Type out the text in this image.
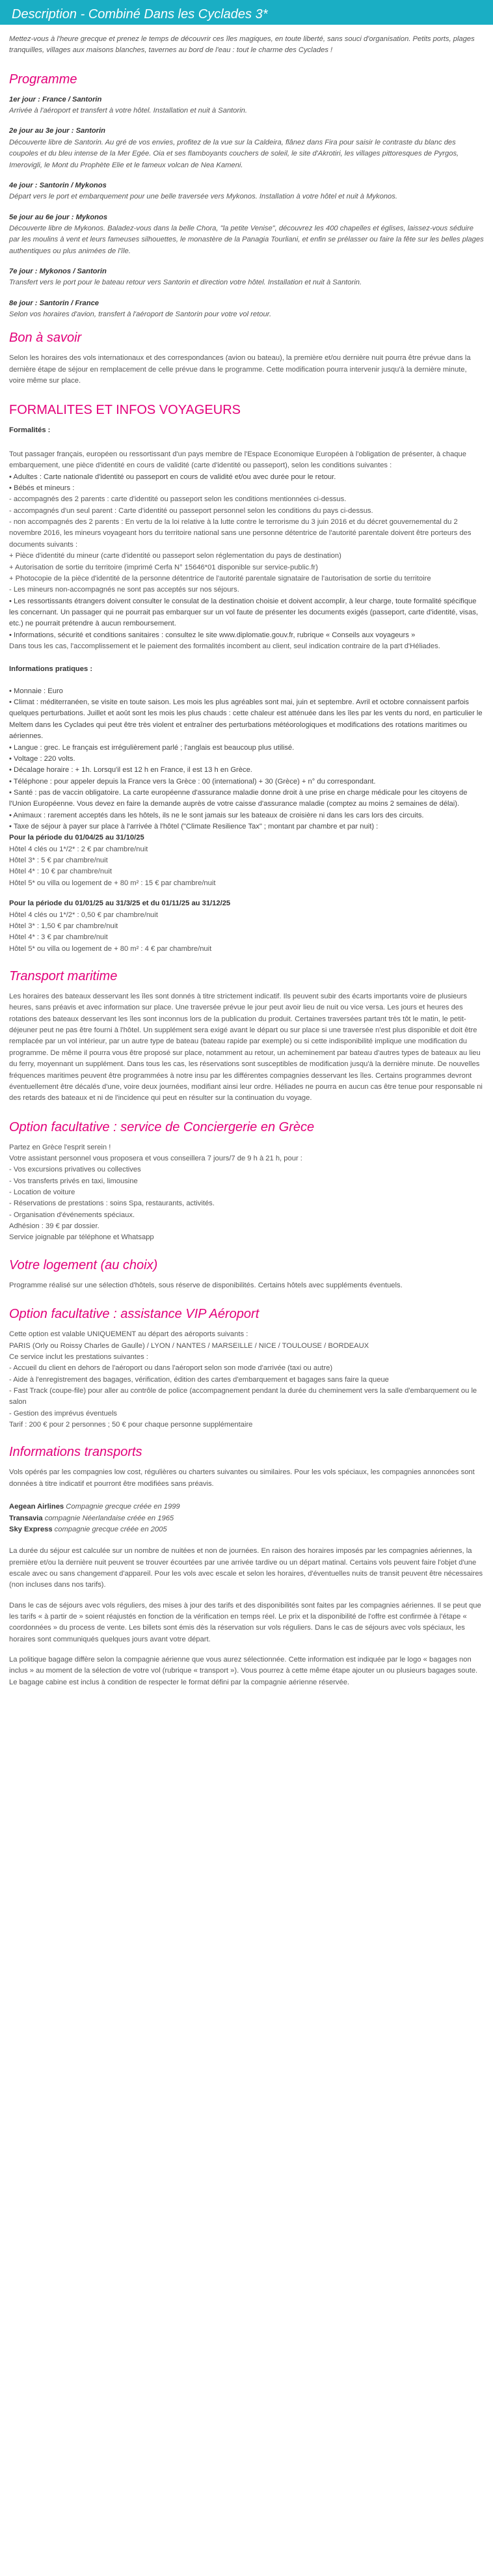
Description - Combiné Dans les Cyclades 3*

Mettez-vous à l'heure grecque et prenez le temps de découvrir ces îles magiques, en toute liberté, sans souci d'organisation. Petits ports, plages tranquilles, villages aux maisons blanches, tavernes au bord de l'eau : tout le charme des Cyclades !

Programme
1er jour : France / Santorin
Arrivée à l'aéroport et transfert à votre hôtel. Installation et nuit à Santorin.
2e jour au 3e jour : Santorin
Découverte libre de Santorin. Au gré de vos envies, profitez de la vue sur la Caldeira, flânez dans Fira pour saisir le contraste du blanc des coupoles et du bleu intense de la Mer Egée. Oia et ses flamboyants couchers de soleil, le site d'Akrotiri, les villages pittoresques de Pyrgos, Imerovigli, le Mont du Prophète Elie et le fameux volcan de Nea Kameni.
4e jour : Santorin / Mykonos
Départ vers le port et embarquement pour une belle traversée vers Mykonos. Installation à votre hôtel et nuit à Mykonos.
5e jour au 6e jour : Mykonos
Découverte libre de Mykonos. Baladez-vous dans la belle Chora, "la petite Venise", découvrez les 400 chapelles et églises, laissez-vous séduire par les moulins à vent et leurs fameuses silhouettes, le monastère de la Panagia Tourliani, et enfin se prélasser ou faire la fête sur les belles plages authentiques ou plus animées de l'île.
7e jour : Mykonos / Santorin
Transfert vers le port pour le bateau retour vers Santorin et direction votre hôtel. Installation et nuit à Santorin.
8e jour : Santorin / France
Selon vos horaires d'avion, transfert à l'aéroport de Santorin pour votre vol retour.
Bon à savoir

Selon les horaires des vols internationaux et des correspondances (avion ou bateau), la première et/ou dernière nuit pourra être prévue dans la dernière étape de séjour en remplacement de celle prévue dans le programme. Cette modification pourra intervenir jusqu'à la dernière minute, voire même sur place.

FORMALITES ET INFOS VOYAGEURS

Formalités :

Tout passager français, européen ou ressortissant d'un pays membre de l'Espace Economique Européen à l'obligation de présenter, à chaque embarquement, une pièce d'identité en cours de validité (carte d'identité ou passeport), selon les conditions suivantes :
• Adultes : Carte nationale d'identité ou passeport en cours de validité et/ou avec durée pour le retour.
• Bébés et mineurs :
- accompagnés des 2 parents : carte d'identité ou passeport selon les conditions mentionnées ci-dessus.
- accompagnés d'un seul parent : Carte d'identité ou passeport personnel selon les conditions du pays ci-dessus.
- non accompagnés des 2 parents : En vertu de la loi relative à la lutte contre le terrorisme du 3 juin 2016 et du décret gouvernemental du 2 novembre 2016, les mineurs voyageant hors du territoire national sans une personne détentrice de l'autorité parentale doivent être porteurs des documents suivants :
+ Pièce d'identité du mineur (carte d'identité ou passeport selon réglementation du pays de destination)
+ Autorisation de sortie du territoire (imprimé Cerfa N° 15646*01 disponible sur service-public.fr)
+ Photocopie de la pièce d'identité de la personne détentrice de l'autorité parentale signataire de l'autorisation de sortie du territoire
- Les mineurs non-accompagnés ne sont pas acceptés sur nos séjours.
• Les ressortissants étrangers doivent consulter le consulat de la destination choisie et doivent accomplir, à leur charge, toute formalité spécifique les concernant. Un passager qui ne pourrait pas embarquer sur un vol faute de présenter les documents exigés (passeport, carte d'identité, visas, etc.) ne pourrait prétendre à aucun remboursement.
• Informations, sécurité et conditions sanitaires : consultez le site www.diplomatie.gouv.fr, rubrique « Conseils aux voyageurs »
Dans tous les cas, l'accomplissement et le paiement des formalités incombent au client, seul indication contraire de la part d'Héliades.

Informations pratiques :

• Monnaie : Euro
• Climat : méditerranéen, se visite en toute saison. Les mois les plus agréables sont mai, juin et septembre. Avril et octobre connaissent parfois quelques perturbations. Juillet et août sont les mois les plus chauds : cette chaleur est atténuée dans les îles par les vents du nord, en particulier le Meltem dans les Cyclades qui peut être très violent et entraîner des perturbations météorologiques et modifications des rotations maritimes ou aériennes.
• Langue : grec. Le français est irrégulièrement parlé ; l'anglais est beaucoup plus utilisé.
• Voltage : 220 volts.
• Décalage horaire : + 1h. Lorsqu'il est 12 h en France, il est 13 h en Grèce.
• Téléphone : pour appeler depuis la France vers la Grèce : 00 (international) + 30 (Grèce) + n° du correspondant.
• Santé : pas de vaccin obligatoire. La carte européenne d'assurance maladie donne droit à une prise en charge médicale pour les citoyens de l'Union Européenne. Vous devez en faire la demande auprès de votre caisse d'assurance maladie (comptez au moins 2 semaines de délai).
• Animaux : rarement acceptés dans les hôtels, ils ne le sont jamais sur les bateaux de croisière ni dans les cars lors des circuits.
• Taxe de séjour à payer sur place à l'arrivée à l'hôtel ("Climate Resilience Tax" ; montant par chambre et par nuit) :
Pour la période du 01/04/25 au 31/10/25
Hôtel 4 clés ou 1*/2* : 2 € par chambre/nuit
Hôtel 3* : 5 € par chambre/nuit
Hôtel 4* : 10 € par chambre/nuit
Hôtel 5* ou villa ou logement de + 80 m² : 15 € par chambre/nuit
Pour la période du 01/01/25 au 31/3/25 et du 01/11/25 au 31/12/25
Hôtel 4 clés ou 1*/2* : 0,50 € par chambre/nuit
Hôtel 3* : 1,50 € par chambre/nuit
Hôtel 4* : 3 € par chambre/nuit
Hôtel 5* ou villa ou logement de + 80 m² : 4 € par chambre/nuit
Transport maritime

Les horaires des bateaux desservant les îles sont donnés à titre strictement indicatif. Ils peuvent subir des écarts importants voire de plusieurs heures, sans préavis et avec information sur place. Une traversée prévue le jour peut avoir lieu de nuit ou vice versa. Les jours et heures des rotations des bateaux desservant les îles sont inconnus lors de la publication du produit. Certaines traversées partant très tôt le matin, le petit-déjeuner peut ne pas être fourni à l'hôtel. Un supplément sera exigé avant le départ ou sur place si une traversée n'est plus disponible et doit être remplacée par un vol intérieur, par un autre type de bateau (bateau rapide par exemple) ou si cette indisponibilité implique une modification du programme. De même il pourra vous être proposé sur place, notamment au retour, un acheminement par bateau d'autres types de bateaux au lieu du ferry, moyennant un supplément. Dans tous les cas, les réservations sont susceptibles de modification jusqu'à la dernière minute. De nouvelles fréquences maritimes peuvent être programmées à notre insu par les différentes compagnies desservant les îles. Certains programmes devront éventuellement être décalés d'une, voire deux journées, modifiant ainsi leur ordre. Héliades ne pourra en aucun cas être tenue pour responsable ni des retards des bateaux et ni de l'incidence qui peut en résulter sur la continuation du voyage.

Option facultative : service de Conciergerie en Grèce
Partez en Grèce l'esprit serein !
Votre assistant personnel vous proposera et vous conseillera 7 jours/7 de 9 h à 21 h, pour :
- Vos excursions privatives ou collectives
- Vos transferts privés en taxi, limousine
- Location de voiture
- Réservations de prestations : soins Spa, restaurants, activités.
- Organisation d'événements spéciaux.
Adhésion : 39 € par dossier.
Service joignable par téléphone et Whatsapp
Votre logement (au choix)

Programme réalisé sur une sélection d'hôtels, sous réserve de disponibilités. Certains hôtels avec suppléments éventuels.

Option facultative : assistance VIP Aéroport
Cette option est valable UNIQUEMENT au départ des aéroports suivants :
PARIS (Orly ou Roissy Charles de Gaulle) / LYON / NANTES / MARSEILLE / NICE / TOULOUSE / BORDEAUX
Ce service inclut les prestations suivantes :
- Accueil du client en dehors de l'aéroport ou dans l'aéroport selon son mode d'arrivée (taxi ou autre)
- Aide à l'enregistrement des bagages, vérification, édition des cartes d'embarquement et bagages sans faire la queue
- Fast Track (coupe-file) pour aller au contrôle de police (accompagnement pendant la durée du cheminement vers la salle d'embarquement ou le salon
- Gestion des imprévus éventuels
Tarif : 200 € pour 2 personnes ; 50 € pour chaque personne supplémentaire
Informations transports

Vols opérés par les compagnies low cost, régulières ou charters suivantes ou similaires. Pour les vols spéciaux, les compagnies annoncées sont données à titre indicatif et pourront être modifiées sans préavis.

Aegean Airlines Compagnie grecque créée en 1999
Transavia compagnie Néerlandaise créée en 1965
Sky Express compagnie grecque créée en 2005

La durée du séjour est calculée sur un nombre de nuitées et non de journées. En raison des horaires imposés par les compagnies aériennes, la première et/ou la dernière nuit peuvent se trouver écourtées par une arrivée tardive ou un départ matinal. Certains vols peuvent faire l'objet d'une escale avec ou sans changement d'appareil. Pour les vols avec escale et selon les horaires, d'éventuelles nuits de transit peuvent être nécessaires (non incluses dans nos tarifs).

Dans le cas de séjours avec vols réguliers, des mises à jour des tarifs et des disponibilités sont faites par les compagnies aériennes. Il se peut que les tarifs « à partir de » soient réajustés en fonction de la vérification en temps réel. Le prix et la disponibilité de l'offre est confirmée à l'étape « coordonnées » du process de vente. Les billets sont émis dès la réservation sur vols réguliers. Dans le cas de séjours avec vols spéciaux, les horaires sont communiqués quelques jours avant votre départ.

La politique bagage diffère selon la compagnie aérienne que vous aurez sélectionnée. Cette information est indiquée par le logo « bagages non inclus » au moment de la sélection de votre vol (rubrique « transport »). Vous pourrez à cette même étape ajouter un ou plusieurs bagages soute. Le bagage cabine est inclus à condition de respecter le format défini par la compagnie aérienne réservée.
